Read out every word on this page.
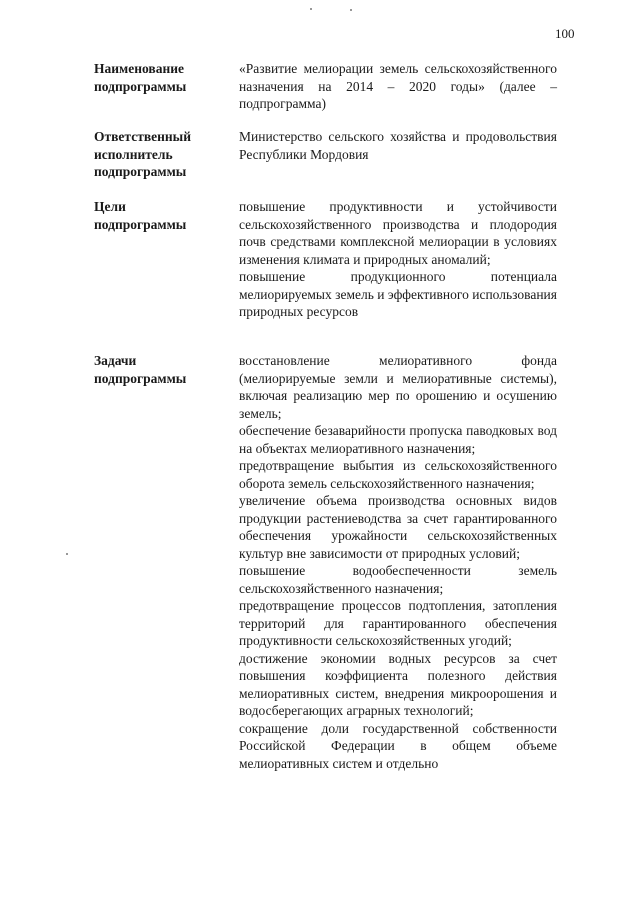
100
Наименование
подпрограммы

«Развитие мелиорации земель сельскохозяйственного назначения на 2014 – 2020 годы» (далее – подпрограмма)

Ответственный
исполнитель
подпрограммы

Министерство сельского хозяйства и продовольствия Республики Мордовия

Цели
подпрограммы

повышение продуктивности и устойчивости сельскохозяйственного производства и плодородия почв средствами комплексной мелиорации в условиях изменения климата и природных аномалий;

повышение продукционного потенциала мелиорируемых земель и эффективного использования природных ресурсов

Задачи
подпрограммы

восстановление мелиоративного фонда (мелиорируемые земли и мелиоративные системы), включая реализацию мер по орошению и осушению земель;

обеспечение безаварийности пропуска паводковых вод на объектах мелиоративного назначения;

предотвращение выбытия из сельскохозяйственного оборота земель сельскохозяйственного назначения;

увеличение объема производства основных видов продукции растениеводства за счет гарантированного обеспечения урожайности сельскохозяйственных культур вне зависимости от природных условий;

повышение водообеспеченности земель сельскохозяйственного назначения;

предотвращение процессов подтопления, затопления территорий для гарантированного обеспечения продуктивности сельскохозяйственных угодий;

достижение экономии водных ресурсов за счет повышения коэффициента полезного действия мелиоративных систем, внедрения микроорошения и водосберегающих аграрных технологий;

сокращение доли государственной собственности Российской Федерации в общем объеме мелиоративных систем и отдельно
